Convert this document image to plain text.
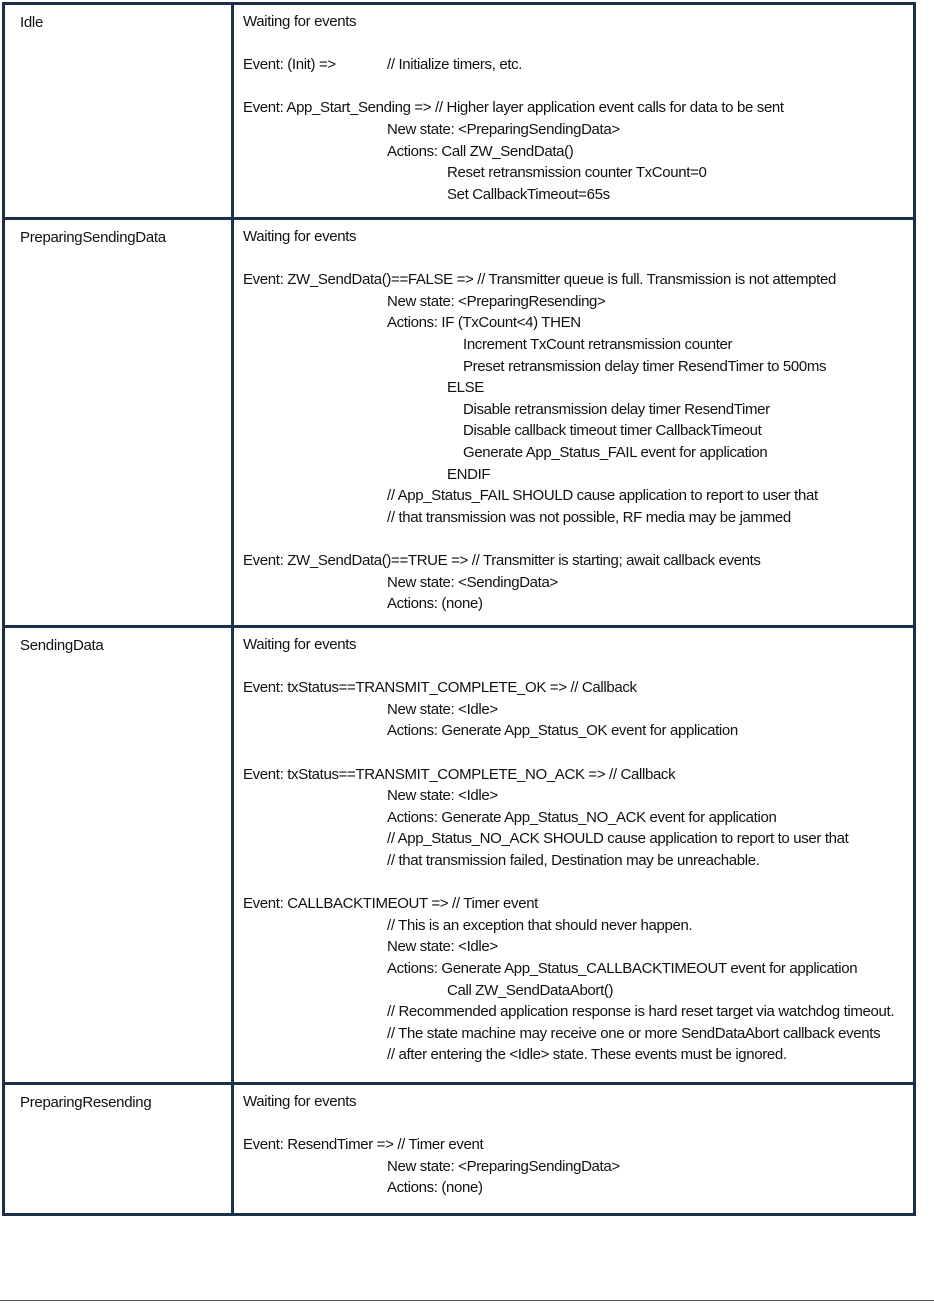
Idle	Waiting for events
Event: (Init) =>	// Initialize timers, etc.
Event: App_Start_Sending => // Higher layer application event calls for data to be sent
New state: <PreparingSendingData>
Actions: Call ZW_SendData()
Reset retransmission counter TxCount=0
Set CallbackTimeout=65s
PreparingSendingData	Waiting for events
Event: ZW_SendData()==FALSE => // Transmitter queue is full. Transmission is not attempted
New state: <PreparingResending>
Actions: IF (TxCount<4) THEN
Increment TxCount retransmission counter
Preset retransmission delay timer ResendTimer to 500ms
ELSE
Disable retransmission delay timer ResendTimer
Disable callback timeout timer CallbackTimeout
Generate App_Status_FAIL event for application
ENDIF
// App_Status_FAIL SHOULD cause application to report to user that
// that transmission was not possible, RF media may be jammed
Event: ZW_SendData()==TRUE => // Transmitter is starting; await callback events
New state: <SendingData>
Actions: (none)
SendingData	Waiting for events
Event: txStatus==TRANSMIT_COMPLETE_OK => // Callback
New state: <Idle>
Actions: Generate App_Status_OK event for application
Event: txStatus==TRANSMIT_COMPLETE_NO_ACK => // Callback
New state: <Idle>
Actions: Generate App_Status_NO_ACK event for application
// App_Status_NO_ACK SHOULD cause application to report to user that
// that transmission failed, Destination may be unreachable.
Event: CALLBACKTIMEOUT => // Timer event
// This is an exception that should never happen.
New state: <Idle>
Actions: Generate App_Status_CALLBACKTIMEOUT event for application
Call ZW_SendDataAbort()
// Recommended application response is hard reset target via watchdog timeout.
// The state machine may receive one or more SendDataAbort callback events
// after entering the <Idle> state. These events must be ignored.
PreparingResending	Waiting for events
Event: ResendTimer => // Timer event
New state: <PreparingSendingData>
Actions: (none)
